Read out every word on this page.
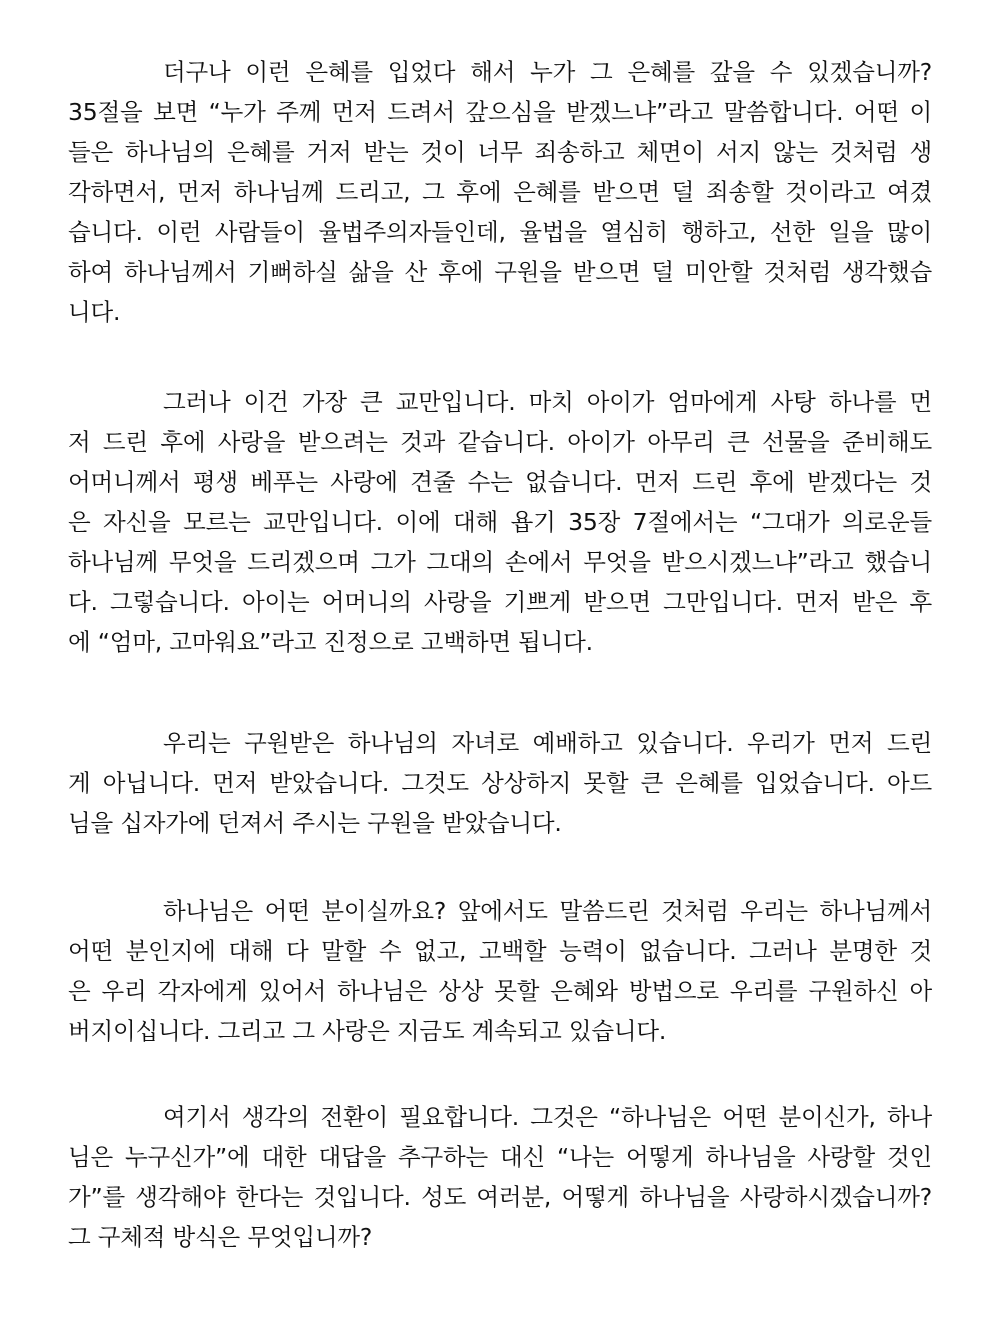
더구나 이런 은혜를 입었다 해서 누가 그 은혜를 갚을 수 있겠습니까?
35절을 보면 “누가 주께 먼저 드려서 갚으심을 받겠느냐”라고 말씀합니다. 어떤 이
들은 하나님의 은혜를 거저 받는 것이 너무 죄송하고 체면이 서지 않는 것처럼 생
각하면서, 먼저 하나님께 드리고, 그 후에 은혜를 받으면 덜 죄송할 것이라고 여겼
습니다. 이런 사람들이 율법주의자들인데, 율법을 열심히 행하고, 선한 일을 많이
하여 하나님께서 기뻐하실 삶을 산 후에 구원을 받으면 덜 미안할 것처럼 생각했습
니다.
그러나 이건 가장 큰 교만입니다. 마치 아이가 엄마에게 사탕 하나를 먼
저 드린 후에 사랑을 받으려는 것과 같습니다. 아이가 아무리 큰 선물을 준비해도
어머니께서 평생 베푸는 사랑에 견줄 수는 없습니다. 먼저 드린 후에 받겠다는 것
은 자신을 모르는 교만입니다. 이에 대해 욥기 35장 7절에서는 “그대가 의로운들
하나님께 무엇을 드리겠으며 그가 그대의 손에서 무엇을 받으시겠느냐”라고 했습니
다. 그렇습니다. 아이는 어머니의 사랑을 기쁘게 받으면 그만입니다. 먼저 받은 후
에 “엄마, 고마워요”라고 진정으로 고백하면 됩니다.
우리는 구원받은 하나님의 자녀로 예배하고 있습니다. 우리가 먼저 드린
게 아닙니다. 먼저 받았습니다. 그것도 상상하지 못할 큰 은혜를 입었습니다. 아드
님을 십자가에 던져서 주시는 구원을 받았습니다.
하나님은 어떤 분이실까요? 앞에서도 말씀드린 것처럼 우리는 하나님께서
어떤 분인지에 대해 다 말할 수 없고, 고백할 능력이 없습니다. 그러나 분명한 것
은 우리 각자에게 있어서 하나님은 상상 못할 은혜와 방법으로 우리를 구원하신 아
버지이십니다. 그리고 그 사랑은 지금도 계속되고 있습니다.
여기서 생각의 전환이 필요합니다. 그것은 “하나님은 어떤 분이신가, 하나
님은 누구신가”에 대한 대답을 추구하는 대신 “나는 어떻게 하나님을 사랑할 것인
가”를 생각해야 한다는 것입니다. 성도 여러분, 어떻게 하나님을 사랑하시겠습니까?
그 구체적 방식은 무엇입니까?
